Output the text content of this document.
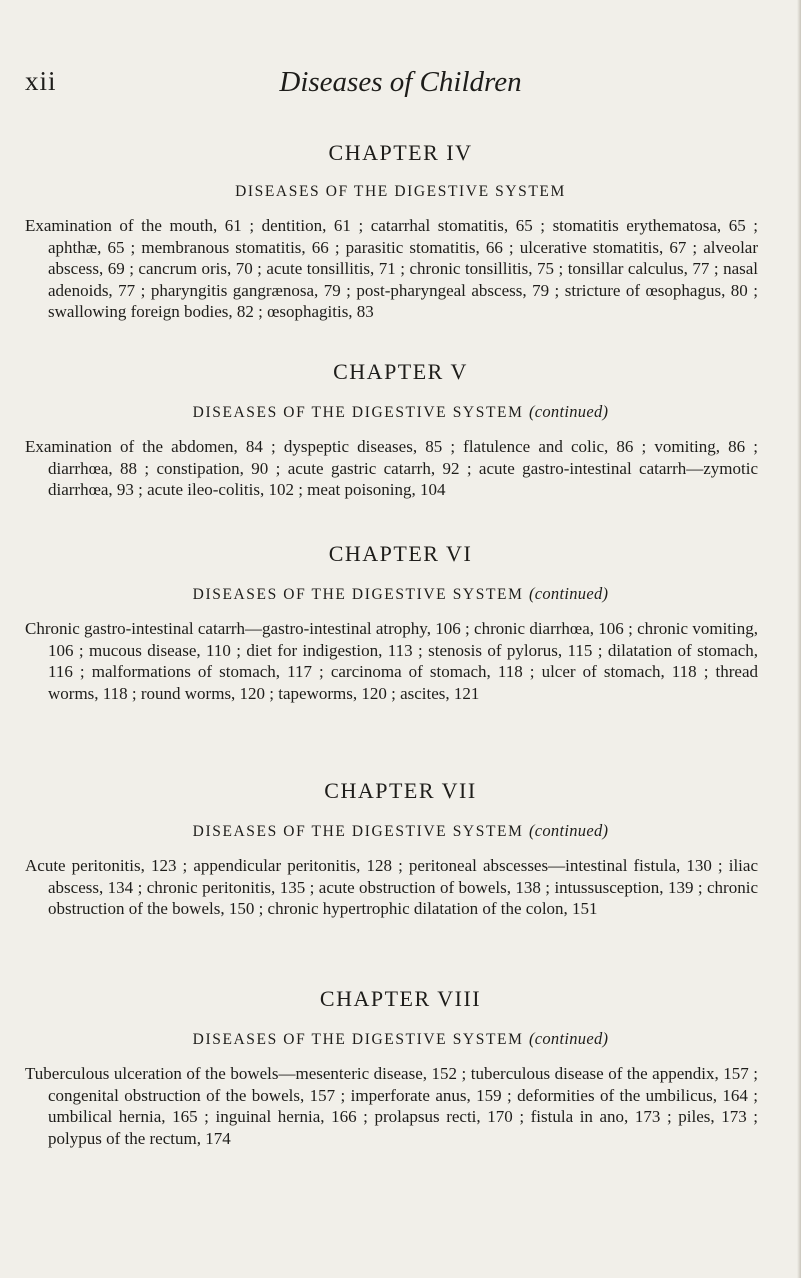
xii	Diseases of Children
CHAPTER IV
DISEASES OF THE DIGESTIVE SYSTEM

Examination of the mouth, 61 ; dentition, 61 ; catarrhal stomatitis, 65 ; stomatitis erythematosa, 65 ; aphthæ, 65 ; membranous stomatitis, 66 ; parasitic stomatitis, 66 ; ulcerative stomatitis, 67 ; alveolar abscess, 69 ; cancrum oris, 70 ; acute tonsillitis, 71 ; chronic tonsillitis, 75 ; tonsillar calculus, 77 ; nasal adenoids, 77 ; pharyngitis gangrænosa, 79 ; post-pharyngeal abscess, 79 ; stricture of œsophagus, 80 ; swallowing foreign bodies, 82 ; œsophagitis, 83

CHAPTER V
DISEASES OF THE DIGESTIVE SYSTEM (continued)

Examination of the abdomen, 84 ; dyspeptic diseases, 85 ; flatulence and colic, 86 ; vomiting, 86 ; diarrhœa, 88 ; constipation, 90 ; acute gastric catarrh, 92 ; acute gastro-intestinal catarrh—zymotic diarrhœa, 93 ; acute ileo-colitis, 102 ; meat poisoning, 104

CHAPTER VI
DISEASES OF THE DIGESTIVE SYSTEM (continued)

Chronic gastro-intestinal catarrh—gastro-intestinal atrophy, 106 ; chronic diarrhœa, 106 ; chronic vomiting, 106 ; mucous disease, 110 ; diet for indigestion, 113 ; stenosis of pylorus, 115 ; dilatation of stomach, 116 ; malformations of stomach, 117 ; carcinoma of stomach, 118 ; ulcer of stomach, 118 ; thread worms, 118 ; round worms, 120 ; tapeworms, 120 ; ascites, 121

CHAPTER VII
DISEASES OF THE DIGESTIVE SYSTEM (continued)

Acute peritonitis, 123 ; appendicular peritonitis, 128 ; peritoneal abscesses—intestinal fistula, 130 ; iliac abscess, 134 ; chronic peritonitis, 135 ; acute obstruction of bowels, 138 ; intussusception, 139 ; chronic obstruction of the bowels, 150 ; chronic hypertrophic dilatation of the colon, 151

CHAPTER VIII
DISEASES OF THE DIGESTIVE SYSTEM (continued)

Tuberculous ulceration of the bowels—mesenteric disease, 152 ; tuberculous disease of the appendix, 157 ; congenital obstruction of the bowels, 157 ; imperforate anus, 159 ; deformities of the umbilicus, 164 ; umbilical hernia, 165 ; inguinal hernia, 166 ; prolapsus recti, 170 ; fistula in ano, 173 ; piles, 173 ; polypus of the rectum, 174
